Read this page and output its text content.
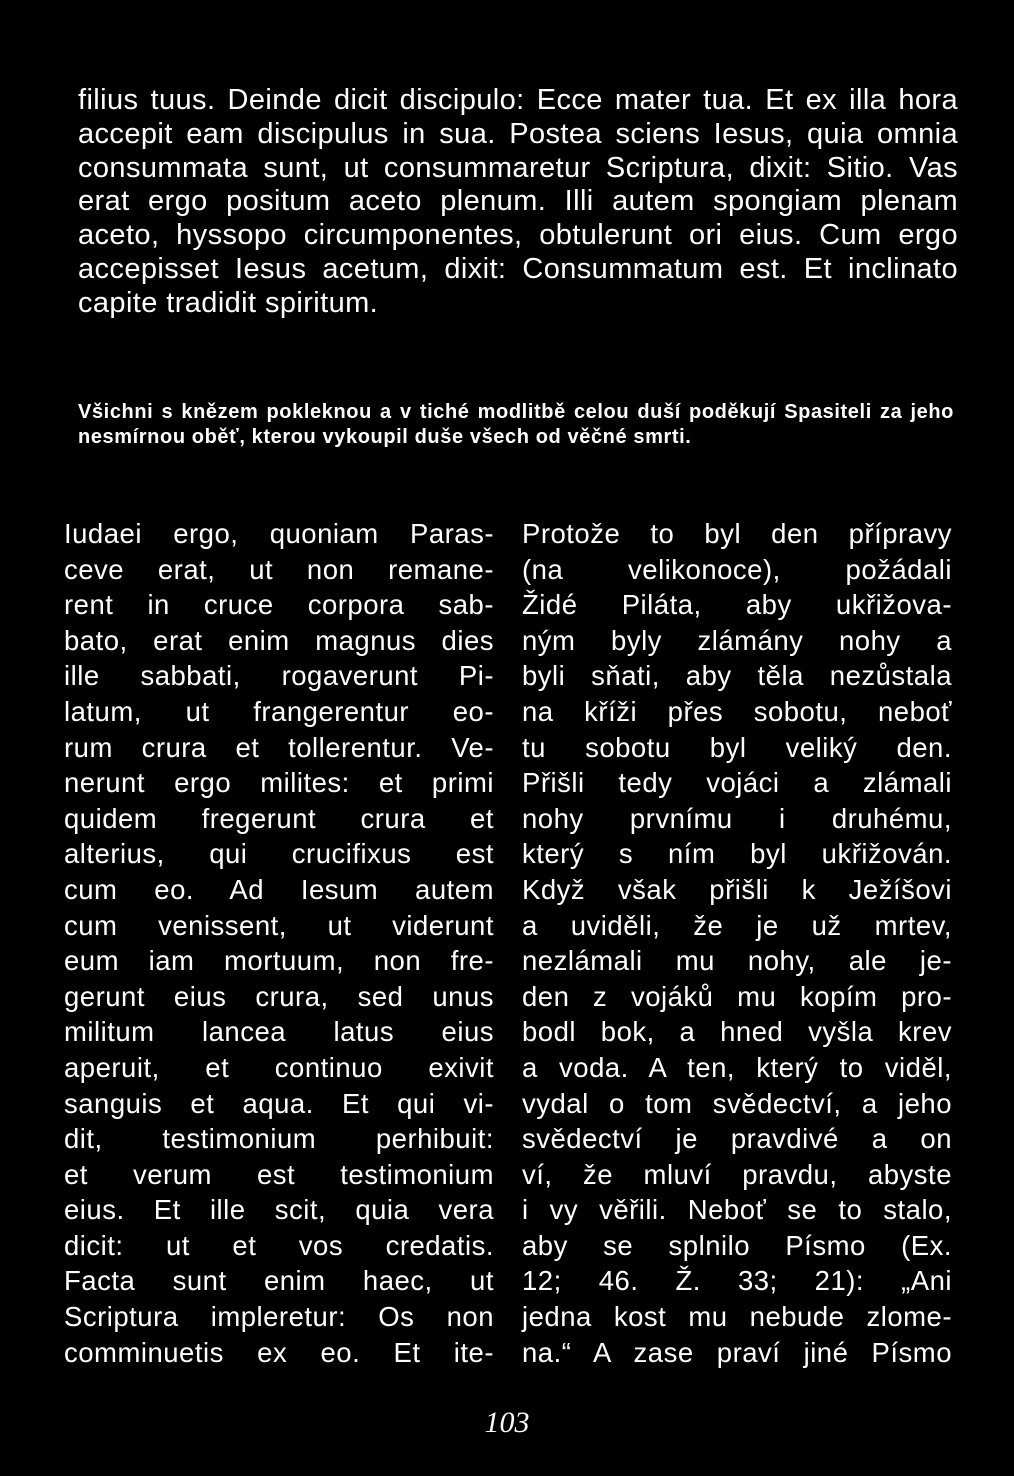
filius tuus. Deinde dicit discipulo: Ecce mater tua. Et ex illa hora accepit eam discipulus in sua. Postea sciens Iesus, quia omnia consummata sunt, ut consummaretur Scriptura, dixit: Sitio. Vas erat ergo positum aceto plenum. Illi autem spongiam plenam aceto, hyssopo circumponentes, obtulerunt ori eius. Cum ergo accepisset Iesus acetum, dixit: Consummatum est. Et inclinato capite tradidit spiritum.

Všichni s knězem pokleknou a v tiché modlitbě celou duší poděkují Spasiteli za jeho nesmírnou oběť, kterou vykoupil duše všech od věčné smrti.

Iudaei ergo, quoniam Paras-
ceve erat, ut non remane-
rent in cruce corpora sab-
bato, erat enim magnus dies
ille sabbati, rogaverunt Pi-
latum, ut frangerentur eo-
rum crura et tollerentur. Ve-
nerunt ergo milites: et primi
quidem fregerunt crura et
alterius, qui crucifixus est
cum eo. Ad Iesum autem
cum venissent, ut viderunt
eum iam mortuum, non fre-
gerunt eius crura, sed unus
militum lancea latus eius
aperuit, et continuo exivit
sanguis et aqua. Et qui vi-
dit, testimonium perhibuit:
et verum est testimonium
eius. Et ille scit, quia vera
dicit: ut et vos credatis.
Facta sunt enim haec, ut
Scriptura impleretur: Os non
comminuetis ex eo. Et ite-
Protože to byl den přípravy
(na velikonoce), požádali
Židé Piláta, aby ukřižova-
ným byly zlámány nohy a
byli sňati, aby těla nezůstala
na kříži přes sobotu, neboť
tu sobotu byl veliký den.
Přišli tedy vojáci a zlámali
nohy prvnímu i druhému,
který s ním byl ukřižován.
Když však přišli k Ježíšovi
a uviděli, že je už mrtev,
nezlámali mu nohy, ale je-
den z vojáků mu kopím pro-
bodl bok, a hned vyšla krev
a voda. A ten, který to viděl,
vydal o tom svědectví, a jeho
svědectví je pravdivé a on
ví, že mluví pravdu, abyste
i vy věřili. Neboť se to stalo,
aby se splnilo Písmo (Ex.
12; 46. Ž. 33; 21): „Ani
jedna kost mu nebude zlome-
na.“ A zase praví jiné Písmo
103
